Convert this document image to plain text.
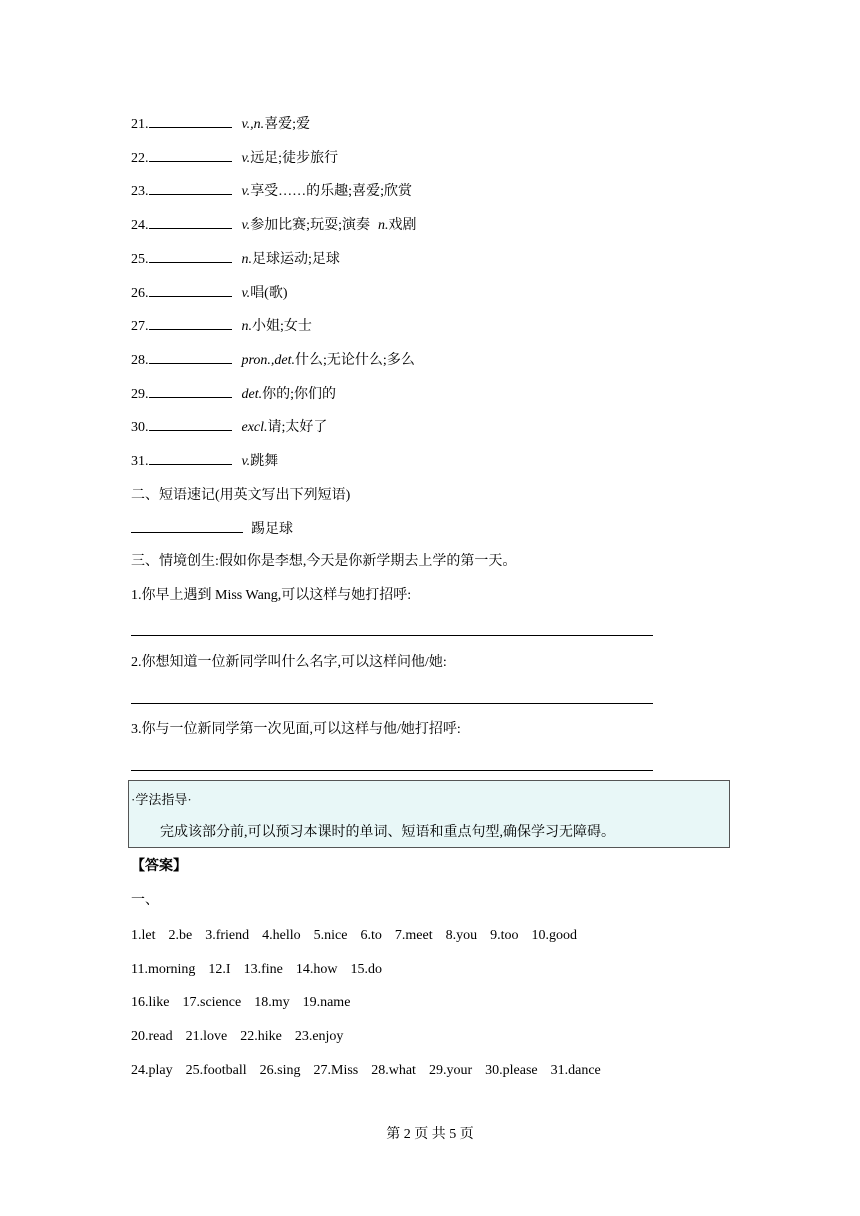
21.	v.,n. 喜爱;爱
22.	v. 远足;徒步旅行
23.	v. 享受……的乐趣;喜爱;欣赏
24.	v. 参加比赛;玩耍;演奏 n. 戏剧
25.	n. 足球运动;足球
26.	v. 唱(歌)
27.	n. 小姐;女士
28.	pron.,det. 什么;无论什么;多么
29.	det. 你的;你们的
30.	excl. 请;太好了
31.	v. 跳舞
二、短语速记(用英文写出下列短语)
踢足球
三、情境创生:假如你是李想,今天是你新学期去上学的第一天。
1.你早上遇到 Miss Wang,可以这样与她打招呼:
2.你想知道一位新同学叫什么名字,可以这样问他/她:
3.你与一位新同学第一次见面,可以这样与他/她打招呼:
·学法指导·
完成该部分前,可以预习本课时的单词、短语和重点句型,确保学习无障碍。
【答案】
一、
1.let 2.be 3.friend 4.hello 5.nice 6.to 7.meet 8.you 9.too 10.good
11.morning 12.I 13.fine 14.how 15.do
16.like 17.science 18.my 19.name
20.read 21.love 22.hike 23.enjoy
24.play 25.football 26.sing 27.Miss 28.what 29.your 30.please 31.dance
第 2 页 共 5 页
